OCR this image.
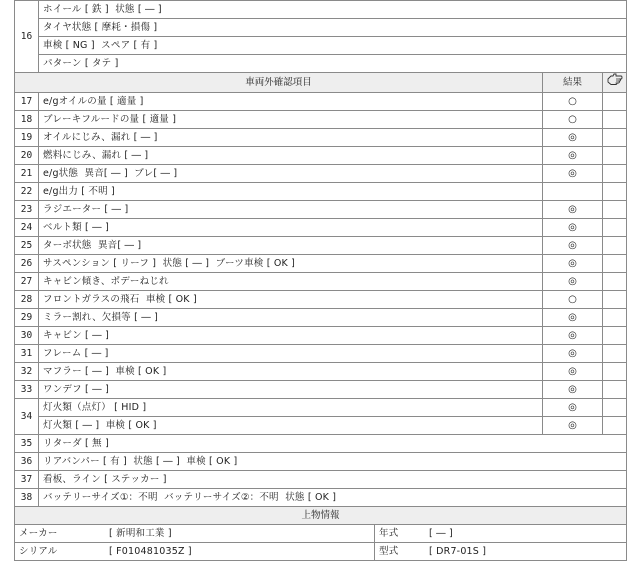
16	ホイール [ 鉄 ]  状態 [ ― ]			
	タイヤ状態 [ 摩耗・損傷 ]			
	車検 [ NG ]  スペア [ 有 ]			
	パターン [ タテ ]			
車両外確認項目			結果	
17	e/gオイルの量 [ 適量 ]		○	
18	ブレーキフルードの量 [ 適量 ]		○	
19	オイルにじみ、漏れ [ ― ]		◎	
20	燃料にじみ、漏れ [ ― ]		◎	
21	e/g状態  異音[ ― ]  ブレ[ ― ]		◎	
22	e/g出力 [ 不明 ]			
23	ラジエーター [ ― ]		◎	
24	ベルト類 [ ― ]		◎	
25	ターボ状態  異音[ ― ]		◎	
26	サスペンション [ リーフ ]  状態 [ ― ]  ブーツ車検 [ OK ]		◎	
27	キャビン傾き、ボデーねじれ		◎	
28	フロントガラスの飛石  車検 [ OK ]		○	
29	ミラー割れ、欠損等 [ ― ]		◎	
30	キャビン [ ― ]		◎	
31	フレーム [ ― ]		◎	
32	マフラー [ ― ]  車検 [ OK ]		◎	
33	ワンデフ [ ― ]		◎	
34	灯火類（点灯） [ HID ]		◎	
	灯火類 [ ― ]  車検 [ OK ]		◎	
35	リターダ [ 無 ]			
36	リアバンパー [ 有 ]  状態 [ ― ]  車検 [ OK ]			
37	看板、ライン [ ステッカー ]			
38	バッテリーサイズ①：不明  バッテリーサイズ②：不明  状態 [ OK ]			
上物情報				

メーカー [ 新明和工業 ]		年式 [ ― ]		

シリアル [ F010481035Z ]		型式 [ DR7-01S ]		
